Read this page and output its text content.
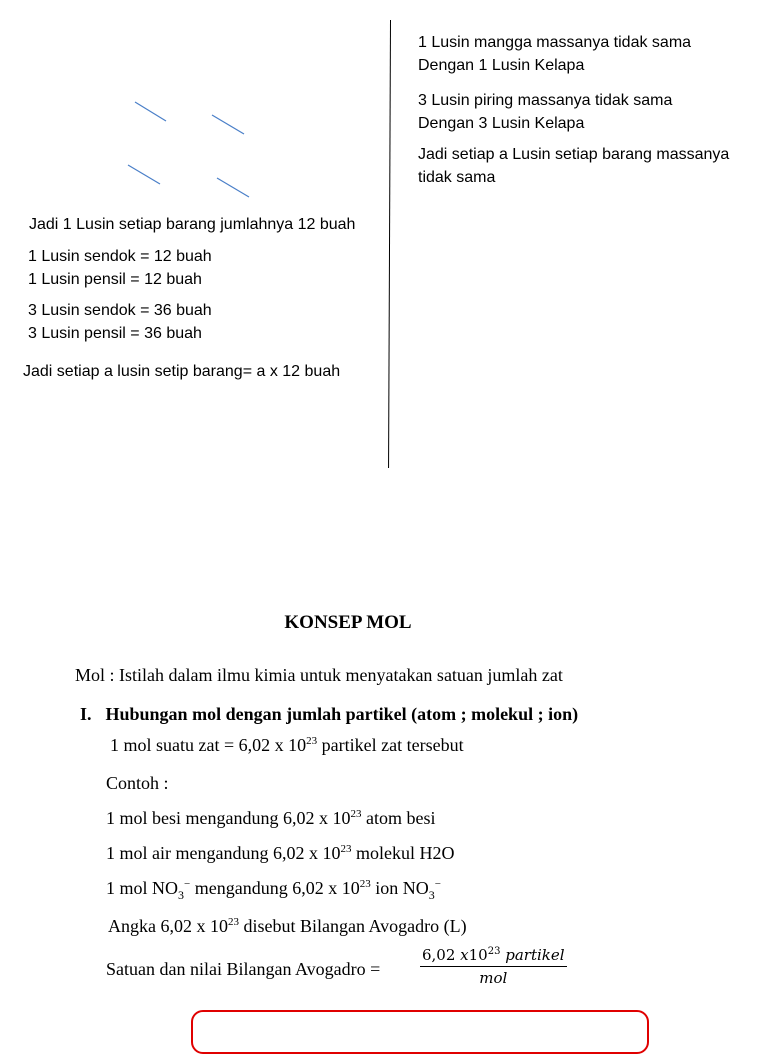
1 Lusin mangga massanya tidak sama
Dengan 1 Lusin Kelapa
3 Lusin piring massanya tidak sama
Dengan 3 Lusin Kelapa
Jadi setiap a Lusin setiap barang massanya
tidak sama
Jadi 1 Lusin setiap barang jumlahnya 12 buah
1 Lusin sendok = 12 buah
1 Lusin pensil = 12 buah
3 Lusin sendok = 36 buah
3 Lusin pensil = 36 buah
Jadi setiap a lusin setip barang= a x 12 buah
KONSEP MOL
Mol : Istilah dalam ilmu kimia untuk menyatakan satuan jumlah zat
I. Hubungan mol dengan jumlah partikel (atom ; molekul ; ion)
1 mol suatu zat = 6,02 x $10^{23}$ partikel zat tersebut
Contoh :
1 mol besi mengandung 6,02 x $10^{23}$ atom besi
1 mol air mengandung 6,02 x $10^{23}$ molekul H2O
1 mol $NO_3^-$ mengandung 6,02 x $10^{23}$ ion $NO_3^-$
Angka 6,02 x $10^{23}$ disebut Bilangan Avogadro (L)
Satuan dan nilai Bilangan Avogadro =
6,02 $x10^{23}$ partikel
mol
